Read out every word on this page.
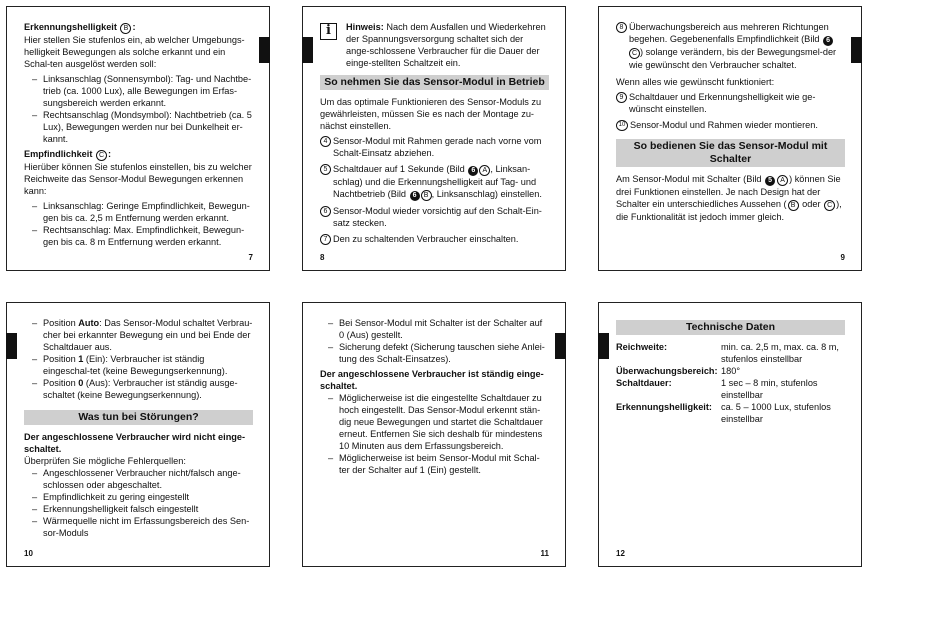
Erkennungshelligkeit B :
Hier stellen Sie stufenlos ein, ab welcher Umgebungs-helligkeit Bewegungen als solche erkannt und ein Schal-ten ausgelöst werden soll:

– Linksanschlag (Sonnensymbol): Tag- und Nachtbe-trieb (ca. 1000 Lux), alle Bewegungen im Erfas-sungsbereich werden erkannt.
– Rechtsanschlag (Mondsymbol): Nachtbetrieb (ca. 5 Lux), Bewegungen werden nur bei Dunkelheit er-kannt.

Empfindlichkeit C :
Hierüber können Sie stufenlos einstellen, bis zu welcher Reichweite das Sensor-Modul Bewegungen erkennen kann:

– Linksanschlag: Geringe Empfindlichkeit, Bewegun-gen bis ca. 2,5 m Entfernung werden erkannt.
– Rechtsanschlag: Max. Empfindlichkeit, Bewegun-gen bis ca. 8 m Entfernung werden erkannt.
7
i	Hinweis: Nach dem Ausfallen und Wiederkehren der Spannungsversorgung schaltet sich der ange-schlossene Verbraucher für die Dauer der einge-stellten Schaltzeit ein.
So nehmen Sie das Sensor-Modul in Betrieb

Um das optimale Funktionieren des Sensor-Moduls zu gewährleisten, müssen Sie es nach der Montage zu-nächst einstellen.

4 Sensor-Modul mit Rahmen gerade nach vorne vom Schalt-Einsatz abziehen.
5 Schaltdauer auf 1 Sekunde (Bild 6 A , Linksan-schlag) und die Erkennungshelligkeit auf Tag- und Nachtbetrieb (Bild 6 B , Linksanschlag) einstellen.
6 Sensor-Modul wieder vorsichtig auf den Schalt-Ein-satz stecken.
7 Den zu schaltenden Verbraucher einschalten.
8
8 Überwachungsbereich aus mehreren Richtungen begehen. Gegebenenfalls Empfindlichkeit (Bild 6C ) solange verändern, bis der Bewegungsmel-der wie gewünscht den Verbraucher schaltet.

Wenn alles wie gewünscht funktioniert:

9 Schaltdauer und Erkennungshelligkeit wie ge-wünscht einstellen.
10 Sensor-Modul und Rahmen wieder montieren.
So bedienen Sie das Sensor-Modul mit Schalter

Am Sensor-Modul mit Schalter (Bild 5 A ) können Sie drei Funktionen einstellen. Je nach Design hat der Schalter ein unterschiedliches Aussehen ( B oder C ), die Funktionalität ist jedoch immer gleich.

9
– Position Auto: Das Sensor-Modul schaltet Verbrau-cher bei erkannter Bewegung ein und bei Ende der Schaltdauer aus.
– Position 1 (Ein): Verbraucher ist ständig eingeschal-tet (keine Bewegungserkennung).
– Position 0 (Aus): Verbraucher ist ständig ausge-schaltet (keine Bewegungserkennung).
Was tun bei Störungen?

Der angeschlossene Verbraucher wird nicht einge-schaltet.

Überprüfen Sie mögliche Fehlerquellen:

– Angeschlossener Verbraucher nicht/falsch ange-schlossen oder abgeschaltet.
– Empfindlichkeit zu gering eingestellt
– Erkennungshelligkeit falsch eingestellt
– Wärmequelle nicht im Erfassungsbereich des Sen-sor-Moduls
10
– Bei Sensor-Modul mit Schalter ist der Schalter auf 0 (Aus) gestellt.
– Sicherung defekt (Sicherung tauschen siehe Anlei-tung des Schalt-Einsatzes).

Der angeschlossene Verbraucher ist ständig einge-schaltet.

– Möglicherweise ist die eingestellte Schaltdauer zu hoch eingestellt. Das Sensor-Modul erkennt stän-dig neue Bewegungen und startet die Schaltdauer erneut. Entfernen Sie sich deshalb für mindestens 10 Minuten aus dem Erfassungsbereich.
– Möglicherweise ist beim Sensor-Modul mit Schal-ter der Schalter auf 1 (Ein) gestellt.
11
Technische Daten
Reichweite:	min. ca. 2,5 m, max. ca. 8 m, stufenlos einstellbar
Überwachungsbereich: 180°
Schaltdauer:	1 sec – 8 min, stufenlos einstellbar
Erkennungshelligkeit: ca. 5 – 1000 Lux, stufenlos einstellbar
12
